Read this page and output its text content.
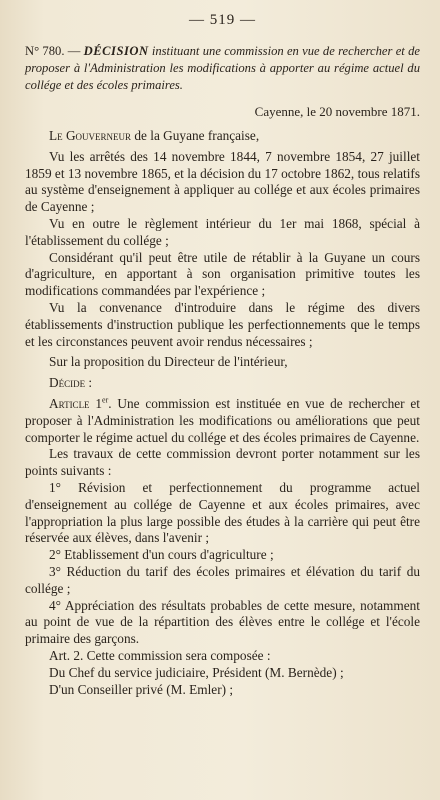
— 519 —
N° 780. — DÉCISION instituant une commission en vue de rechercher et de proposer à l'Administration les modifications à apporter au régime actuel du collége et des écoles primaires.
Cayenne, le 20 novembre 1871.

Le Gouverneur de la Guyane française,

Vu les arrêtés des 14 novembre 1844, 7 novembre 1854, 27 juillet 1859 et 13 novembre 1865, et la décision du 17 octobre 1862, tous relatifs au système d'enseignement à appliquer au collége et aux écoles primaires de Cayenne ;

Vu en outre le règlement intérieur du 1er mai 1868, spécial à l'établissement du collége ;

Considérant qu'il peut être utile de rétablir à la Guyane un cours d'agriculture, en apportant à son organisation primitive toutes les modifications commandées par l'expérience ;

Vu la convenance d'introduire dans le régime des divers établissements d'instruction publique les perfectionnements que le temps et les circonstances peuvent avoir rendus nécessaires ;

Sur la proposition du Directeur de l'intérieur,

Décide :

Article 1er. Une commission est instituée en vue de rechercher et proposer à l'Administration les modifications ou améliorations que peut comporter le régime actuel du collége et des écoles primaires de Cayenne.

Les travaux de cette commission devront porter notamment sur les points suivants :

1° Révision et perfectionnement du programme actuel d'enseignement au collége de Cayenne et aux écoles primaires, avec l'appropriation la plus large possible des études à la carrière qui peut être réservée aux élèves, dans l'avenir ;

2° Etablissement d'un cours d'agriculture ;

3° Réduction du tarif des écoles primaires et élévation du tarif du collége ;

4° Appréciation des résultats probables de cette mesure, notamment au point de vue de la répartition des élèves entre le collége et l'école primaire des garçons.

Art. 2. Cette commission sera composée :

Du Chef du service judiciaire, Président (M. Bernède) ;

D'un Conseiller privé (M. Emler) ;
